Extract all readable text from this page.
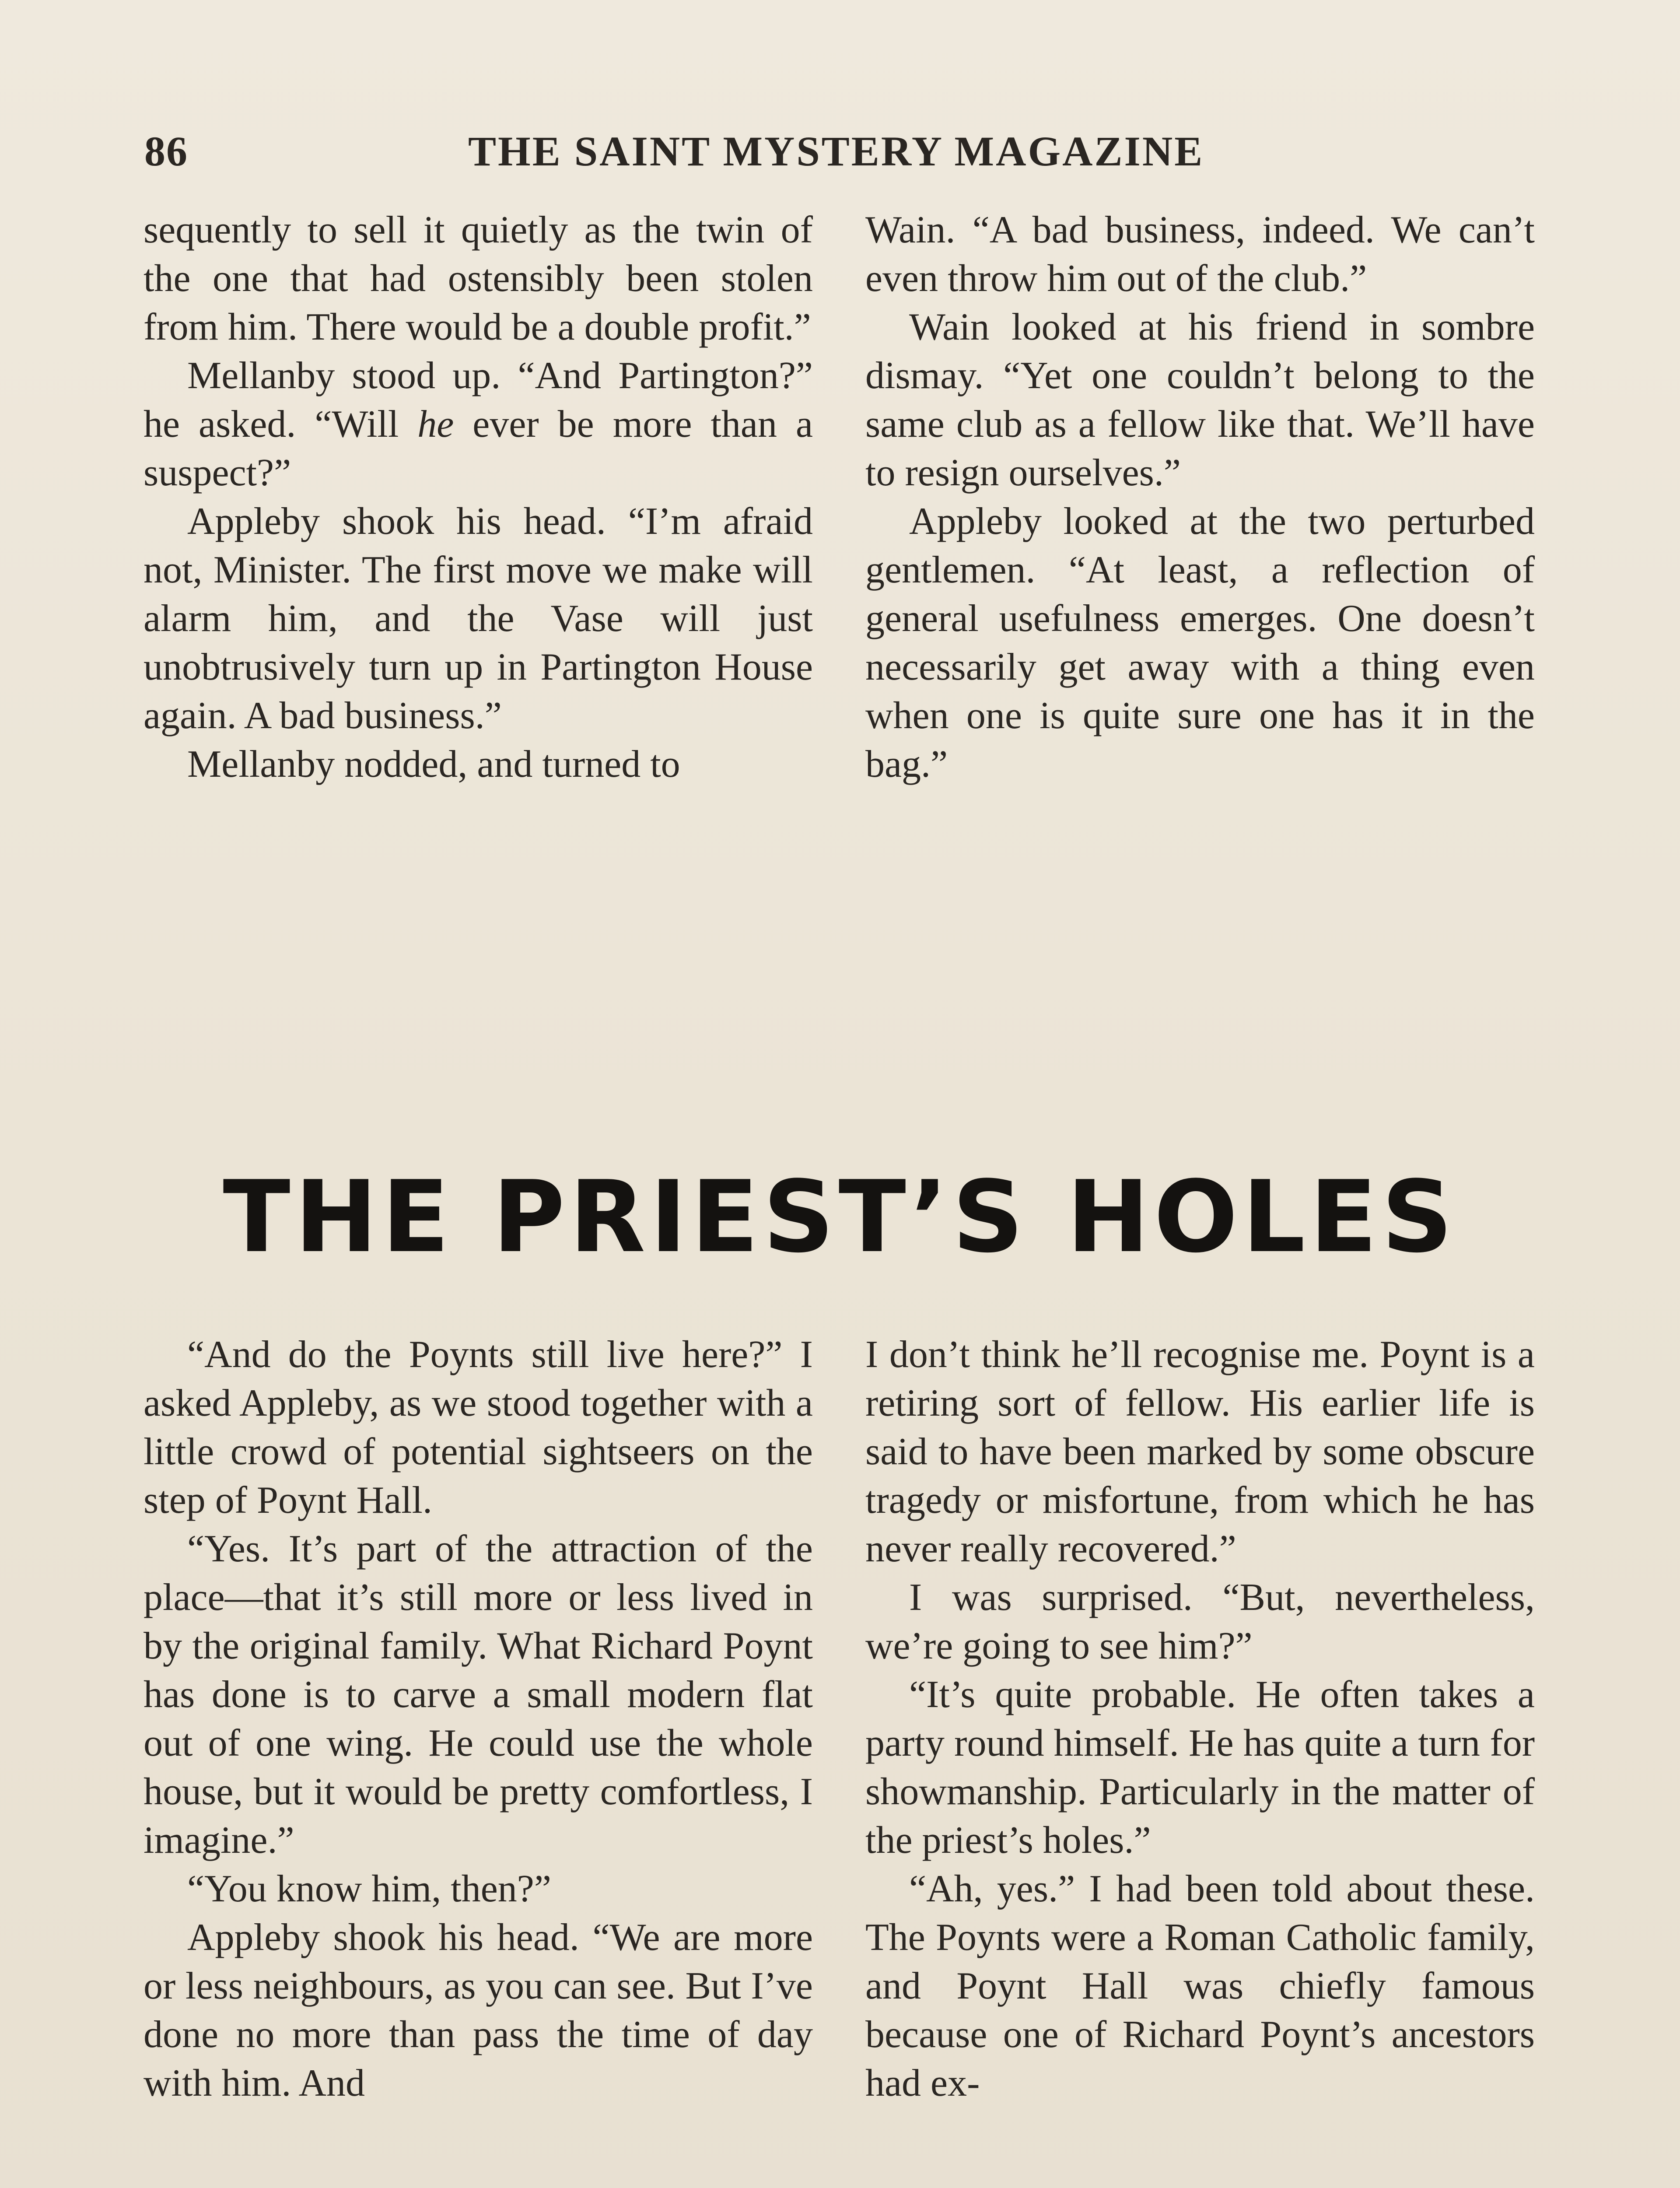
86	THE SAINT MYSTERY MAGAZINE

sequently to sell it quietly as the twin of the one that had ostensibly been stolen from him. There would be a double profit.”

Mellanby stood up. “And Partington?” he asked. “Will he ever be more than a suspect?”

Appleby shook his head. “I’m afraid not, Minister. The first move we make will alarm him, and the Vase will just unobtrusively turn up in Partington House again. A bad business.”

Mellanby nodded, and turned to

Wain. “A bad business, indeed. We can’t even throw him out of the club.”

Wain looked at his friend in sombre dismay. “Yet one couldn’t belong to the same club as a fellow like that. We’ll have to resign ourselves.”

Appleby looked at the two perturbed gentlemen. “At least, a reflection of general usefulness emerges. One doesn’t necessarily get away with a thing even when one is quite sure one has it in the bag.”

THE PRIEST’S HOLES

“And do the Poynts still live here?” I asked Appleby, as we stood together with a little crowd of potential sightseers on the step of Poynt Hall.

“Yes. It’s part of the attraction of the place—that it’s still more or less lived in by the original family. What Richard Poynt has done is to carve a small modern flat out of one wing. He could use the whole house, but it would be pretty comfortless, I imagine.”

“You know him, then?”

Appleby shook his head. “We are more or less neighbours, as you can see. But I’ve done no more than pass the time of day with him. And

I don’t think he’ll recognise me. Poynt is a retiring sort of fellow. His earlier life is said to have been marked by some obscure tragedy or misfortune, from which he has never really recovered.”

I was surprised. “But, nevertheless, we’re going to see him?”

“It’s quite probable. He often takes a party round himself. He has quite a turn for showmanship. Particularly in the matter of the priest’s holes.”

“Ah, yes.” I had been told about these. The Poynts were a Roman Catholic family, and Poynt Hall was chiefly famous because one of Richard Poynt’s ancestors had ex-
